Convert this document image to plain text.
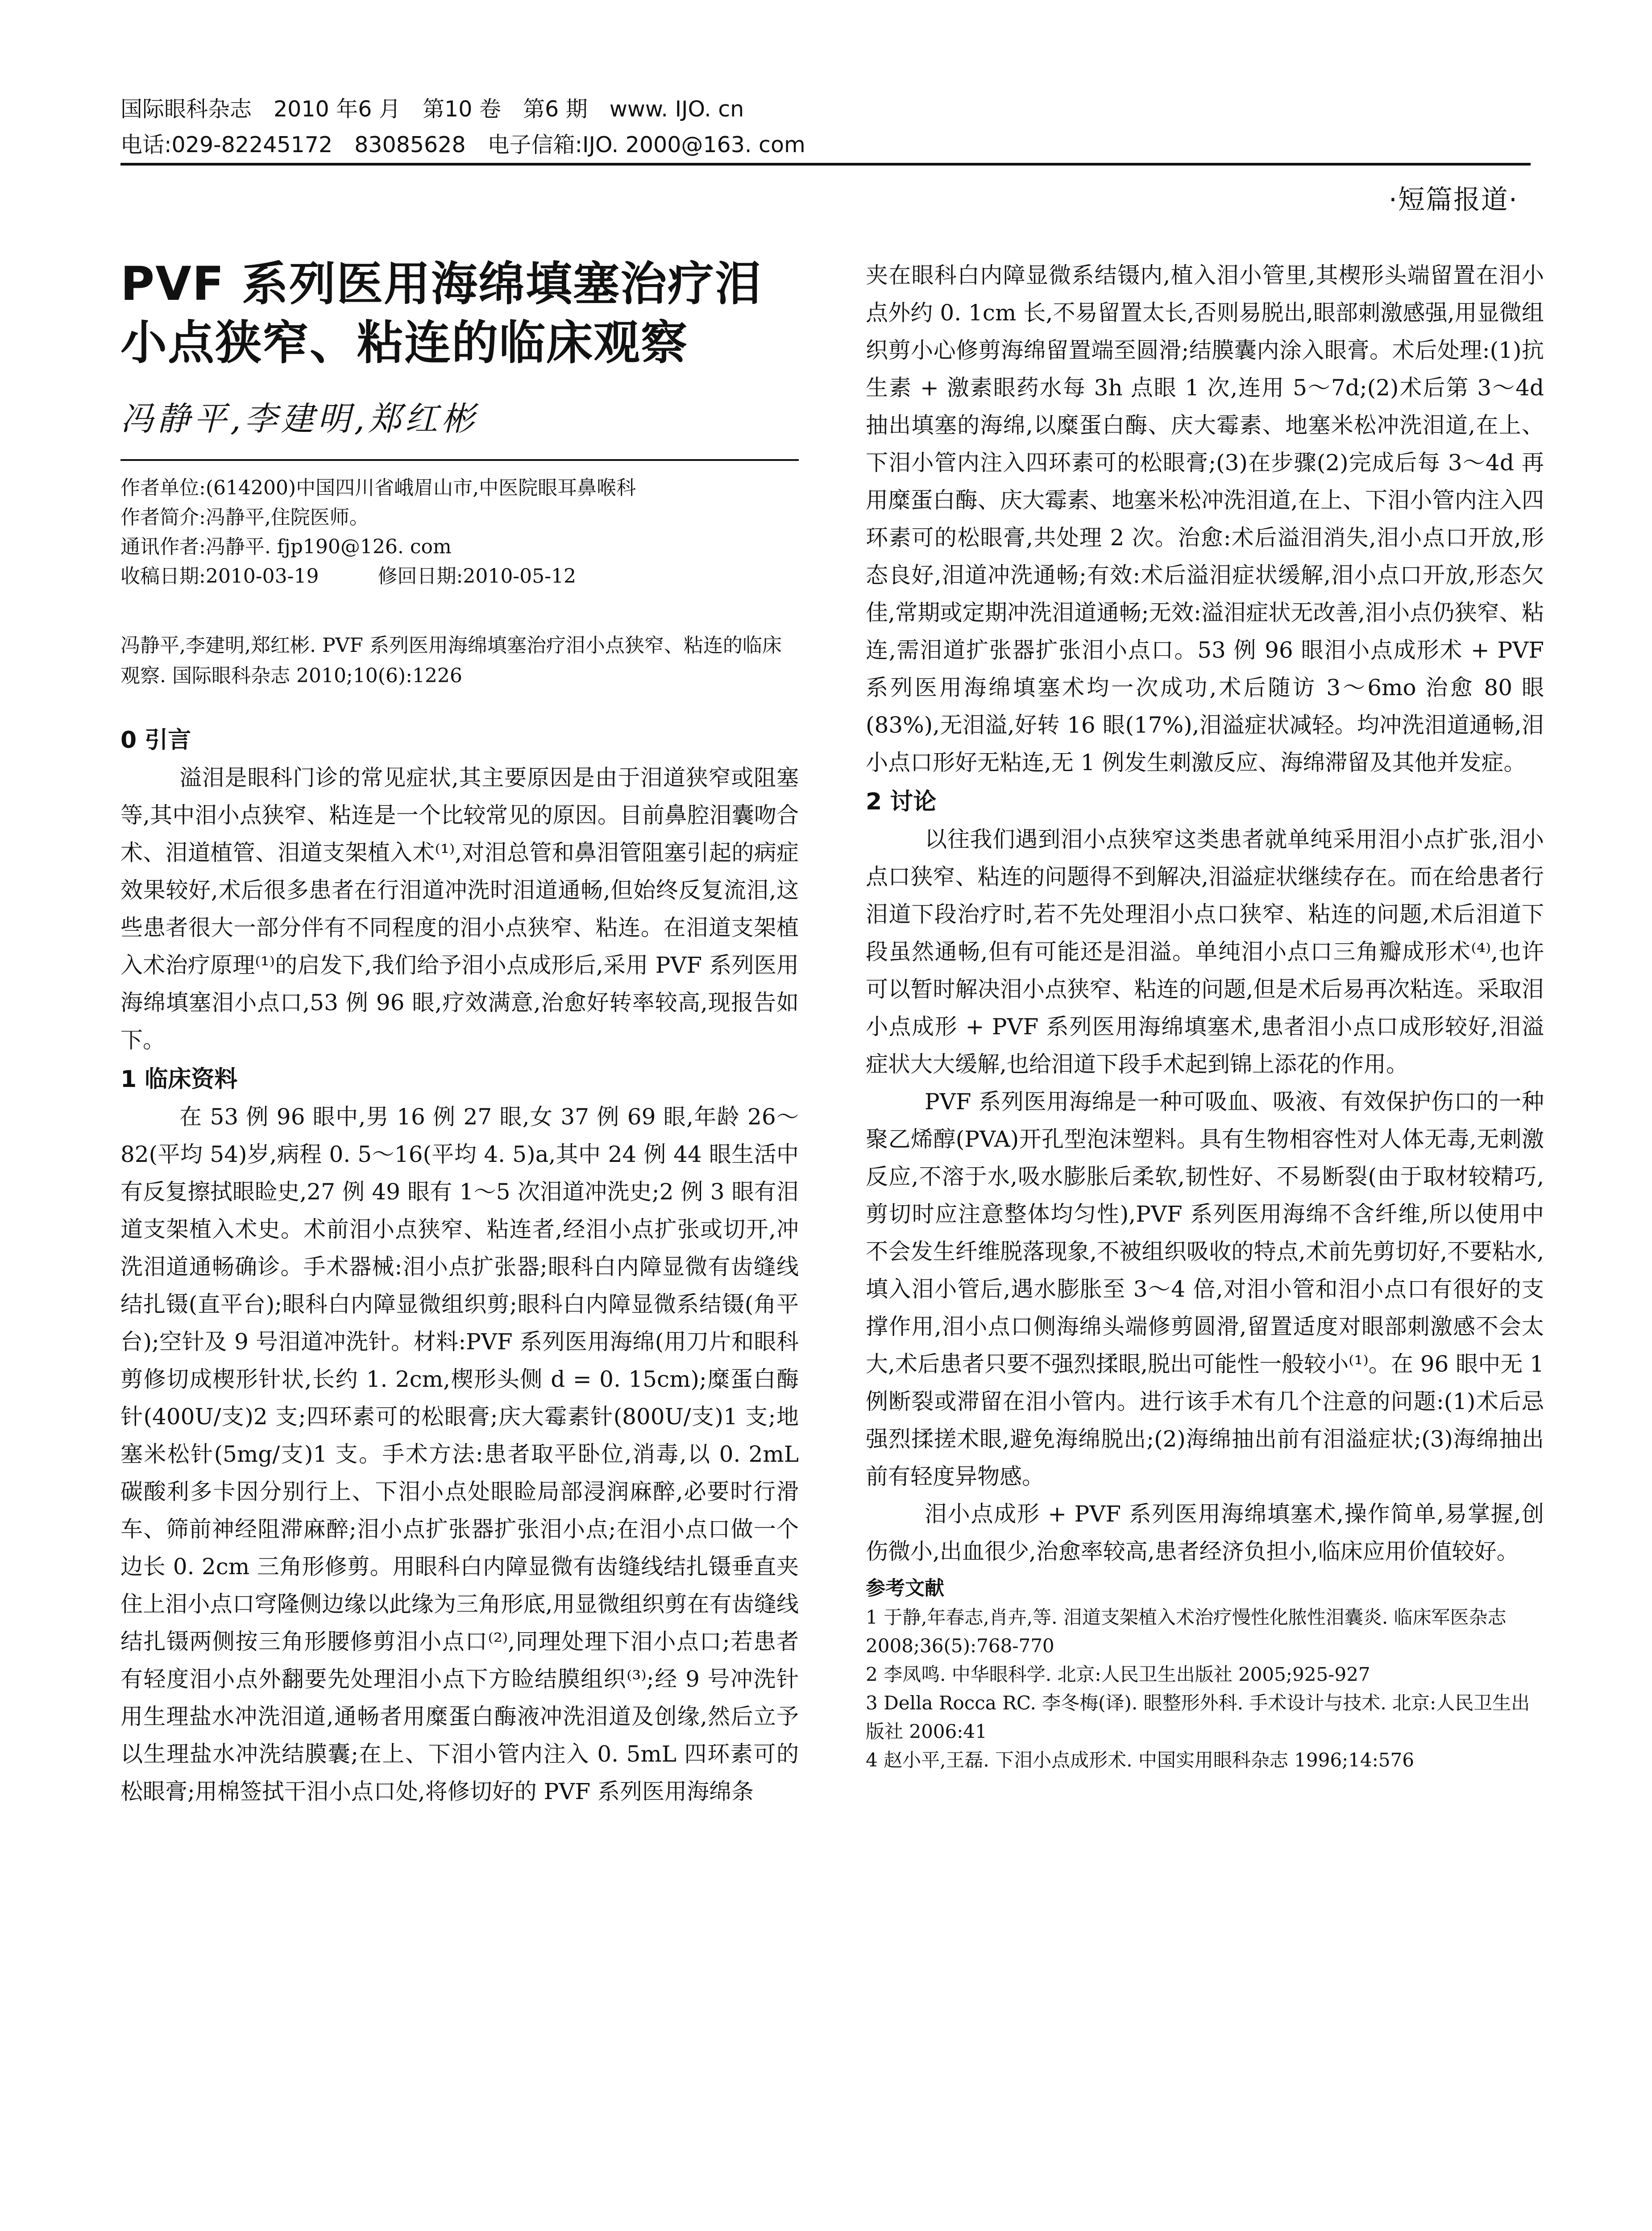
国际眼科杂志　2010 年6 月　第10 卷　第6 期　www. IJO. cn
电话:029-82245172　83085628　电子信箱:IJO. 2000@163. com
·短篇报道·
PVF 系列医用海绵填塞治疗泪小点狭窄、粘连的临床观察
冯静平,李建明,郑红彬
作者单位:(614200)中国四川省峨眉山市,中医院眼耳鼻喉科
作者简介:冯静平,住院医师。
通讯作者:冯静平. fjp190@126. com
收稿日期:2010-03-19　　　修回日期:2010-05-12
冯静平,李建明,郑红彬. PVF 系列医用海绵填塞治疗泪小点狭窄、粘连的临床观察. 国际眼科杂志 2010;10(6):1226
0 引言

溢泪是眼科门诊的常见症状,其主要原因是由于泪道狭窄或阻塞等,其中泪小点狭窄、粘连是一个比较常见的原因。目前鼻腔泪囊吻合术、泪道植管、泪道支架植入术⁽¹⁾,对泪总管和鼻泪管阻塞引起的病症效果较好,术后很多患者在行泪道冲洗时泪道通畅,但始终反复流泪,这些患者很大一部分伴有不同程度的泪小点狭窄、粘连。在泪道支架植入术治疗原理⁽¹⁾的启发下,我们给予泪小点成形后,采用 PVF 系列医用海绵填塞泪小点口,53 例 96 眼,疗效满意,治愈好转率较高,现报告如下。

1 临床资料

在 53 例 96 眼中,男 16 例 27 眼,女 37 例 69 眼,年龄 26～82(平均 54)岁,病程 0. 5～16(平均 4. 5)a,其中 24 例 44 眼生活中有反复擦拭眼睑史,27 例 49 眼有 1～5 次泪道冲洗史;2 例 3 眼有泪道支架植入术史。术前泪小点狭窄、粘连者,经泪小点扩张或切开,冲洗泪道通畅确诊。手术器械:泪小点扩张器;眼科白内障显微有齿缝线结扎镊(直平台);眼科白内障显微组织剪;眼科白内障显微系结镊(角平台);空针及 9 号泪道冲洗针。材料:PVF 系列医用海绵(用刀片和眼科剪修切成楔形针状,长约 1. 2cm,楔形头侧 d = 0. 15cm);糜蛋白酶针(400U/支)2 支;四环素可的松眼膏;庆大霉素针(800U/支)1 支;地塞米松针(5mg/支)1 支。手术方法:患者取平卧位,消毒,以 0. 2mL 碳酸利多卡因分别行上、下泪小点处眼睑局部浸润麻醉,必要时行滑车、筛前神经阻滞麻醉;泪小点扩张器扩张泪小点;在泪小点口做一个边长 0. 2cm 三角形修剪。用眼科白内障显微有齿缝线结扎镊垂直夹住上泪小点口穹隆侧边缘以此缘为三角形底,用显微组织剪在有齿缝线结扎镊两侧按三角形腰修剪泪小点口⁽²⁾,同理处理下泪小点口;若患者有轻度泪小点外翻要先处理泪小点下方睑结膜组织⁽³⁾;经 9 号冲洗针用生理盐水冲洗泪道,通畅者用糜蛋白酶液冲洗泪道及创缘,然后立予以生理盐水冲洗结膜囊;在上、下泪小管内注入 0. 5mL 四环素可的松眼膏;用棉签拭干泪小点口处,将修切好的 PVF 系列医用海绵条

夹在眼科白内障显微系结镊内,植入泪小管里,其楔形头端留置在泪小点外约 0. 1cm 长,不易留置太长,否则易脱出,眼部刺激感强,用显微组织剪小心修剪海绵留置端至圆滑;结膜囊内涂入眼膏。术后处理:(1)抗生素 + 激素眼药水每 3h 点眼 1 次,连用 5～7d;(2)术后第 3～4d 抽出填塞的海绵,以糜蛋白酶、庆大霉素、地塞米松冲洗泪道,在上、下泪小管内注入四环素可的松眼膏;(3)在步骤(2)完成后每 3～4d 再用糜蛋白酶、庆大霉素、地塞米松冲洗泪道,在上、下泪小管内注入四环素可的松眼膏,共处理 2 次。治愈:术后溢泪消失,泪小点口开放,形态良好,泪道冲洗通畅;有效:术后溢泪症状缓解,泪小点口开放,形态欠佳,常期或定期冲洗泪道通畅;无效:溢泪症状无改善,泪小点仍狭窄、粘连,需泪道扩张器扩张泪小点口。53 例 96 眼泪小点成形术 + PVF 系列医用海绵填塞术均一次成功,术后随访 3～6mo 治愈 80 眼(83%),无泪溢,好转 16 眼(17%),泪溢症状减轻。均冲洗泪道通畅,泪小点口形好无粘连,无 1 例发生刺激反应、海绵滞留及其他并发症。

2 讨论

以往我们遇到泪小点狭窄这类患者就单纯采用泪小点扩张,泪小点口狭窄、粘连的问题得不到解决,泪溢症状继续存在。而在给患者行泪道下段治疗时,若不先处理泪小点口狭窄、粘连的问题,术后泪道下段虽然通畅,但有可能还是泪溢。单纯泪小点口三角瓣成形术⁽⁴⁾,也许可以暂时解决泪小点狭窄、粘连的问题,但是术后易再次粘连。采取泪小点成形 + PVF 系列医用海绵填塞术,患者泪小点口成形较好,泪溢症状大大缓解,也给泪道下段手术起到锦上添花的作用。

PVF 系列医用海绵是一种可吸血、吸液、有效保护伤口的一种聚乙烯醇(PVA)开孔型泡沫塑料。具有生物相容性对人体无毒,无刺激反应,不溶于水,吸水膨胀后柔软,韧性好、不易断裂(由于取材较精巧,剪切时应注意整体均匀性),PVF 系列医用海绵不含纤维,所以使用中不会发生纤维脱落现象,不被组织吸收的特点,术前先剪切好,不要粘水,填入泪小管后,遇水膨胀至 3～4 倍,对泪小管和泪小点口有很好的支撑作用,泪小点口侧海绵头端修剪圆滑,留置适度对眼部刺激感不会太大,术后患者只要不强烈揉眼,脱出可能性一般较小⁽¹⁾。在 96 眼中无 1 例断裂或滞留在泪小管内。进行该手术有几个注意的问题:(1)术后忌强烈揉搓术眼,避免海绵脱出;(2)海绵抽出前有泪溢症状;(3)海绵抽出前有轻度异物感。

泪小点成形 + PVF 系列医用海绵填塞术,操作简单,易掌握,创伤微小,出血很少,治愈率较高,患者经济负担小,临床应用价值较好。

参考文献

1 于静,年春志,肖卉,等. 泪道支架植入术治疗慢性化脓性泪囊炎. 临床军医杂志 2008;36(5):768-770

2 李凤鸣. 中华眼科学. 北京:人民卫生出版社 2005;925-927

3 Della Rocca RC. 李冬梅(译). 眼整形外科. 手术设计与技术. 北京:人民卫生出版社 2006:41

4 赵小平,王磊. 下泪小点成形术. 中国实用眼科杂志 1996;14:576
